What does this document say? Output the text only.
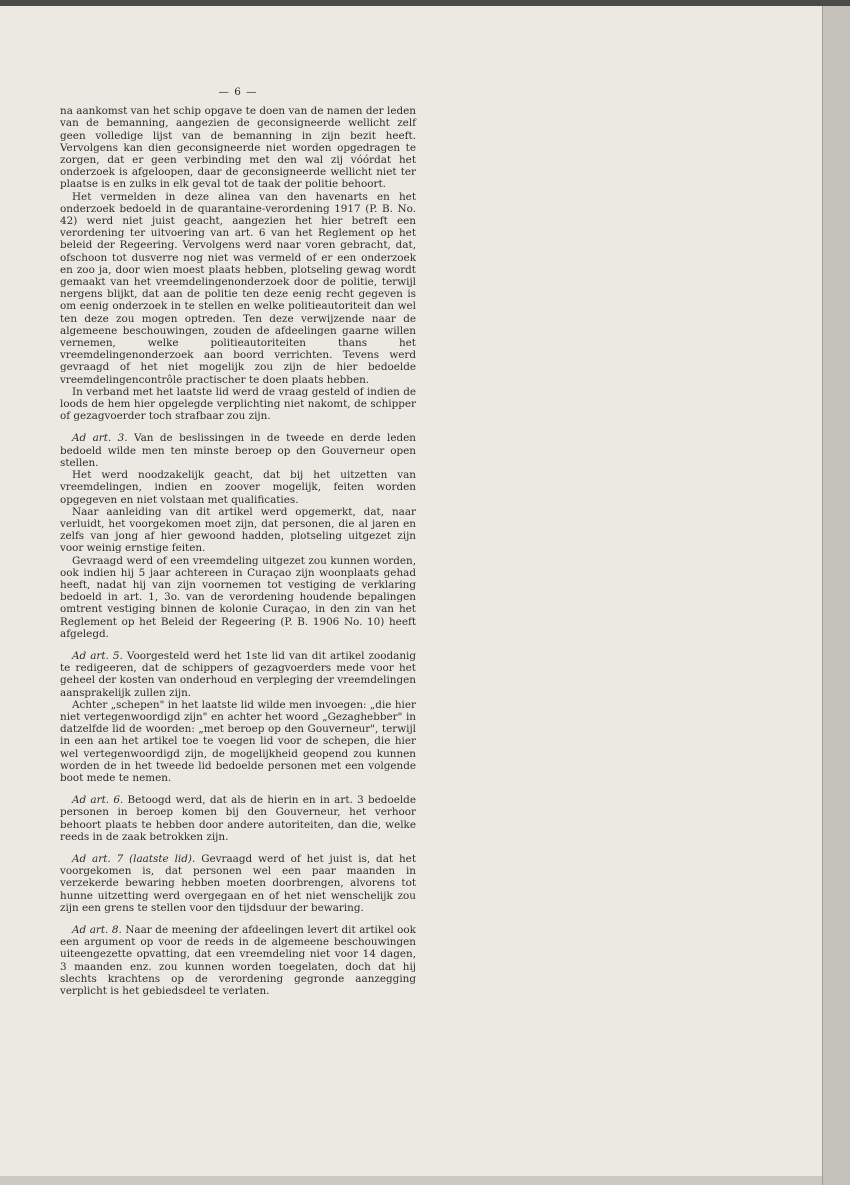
— 6 —

na aankomst van het schip opgave te doen van de namen der leden van de bemanning, aangezien de geconsigneerde wellicht zelf geen volledige lijst van de bemanning in zijn bezit heeft. Vervolgens kan dien geconsigneerde niet worden opgedragen te zorgen, dat er geen verbinding met den wal zij vóórdat het onderzoek is afgeloopen, daar de geconsigneerde wellicht niet ter plaatse is en zulks in elk geval tot de taak der politie behoort.

Het vermelden in deze alinea van den havenarts en het onderzoek bedoeld in de quarantaine-verordening 1917 (P. B. No. 42) werd niet juist geacht, aangezien het hier betreft een verordening ter uitvoering van art. 6 van het Reglement op het beleid der Regeering. Vervolgens werd naar voren gebracht, dat, ofschoon tot dusverre nog niet was vermeld of er een onderzoek en zoo ja, door wien moest plaats hebben, plotseling gewag wordt gemaakt van het vreemdelingenonderzoek door de politie, terwijl nergens blijkt, dat aan de politie ten deze eenig recht gegeven is om eenig onderzoek in te stellen en welke politieautoriteit dan wel ten deze zou mogen optreden. Ten deze verwijzende naar de algemeene beschouwingen, zouden de afdeelingen gaarne willen vernemen, welke politieautoriteiten thans het vreemdelingenonderzoek aan boord verrichten. Tevens werd gevraagd of het niet mogelijk zou zijn de hier bedoelde vreemdelingencontrôle practischer te doen plaats hebben.

In verband met het laatste lid werd de vraag gesteld of indien de loods de hem hier opgelegde verplichting niet nakomt, de schipper of gezagvoerder toch strafbaar zou zijn.

Ad art. 3. Van de beslissingen in de tweede en derde leden bedoeld wilde men ten minste beroep op den Gouverneur open stellen.

Het werd noodzakelijk geacht, dat bij het uitzetten van vreemdelingen, indien en zoover mogelijk, feiten worden opgegeven en niet volstaan met qualificaties.

Naar aanleiding van dit artikel werd opgemerkt, dat, naar verluidt, het voorgekomen moet zijn, dat personen, die al jaren en zelfs van jong af hier gewoond hadden, plotseling uitgezet zijn voor weinig ernstige feiten.

Gevraagd werd of een vreemdeling uitgezet zou kunnen worden, ook indien hij 5 jaar achtereen in Curaçao zijn woonplaats gehad heeft, nadat hij van zijn voornemen tot vestiging de verklaring bedoeld in art. 1, 3o. van de verordening houdende bepalingen omtrent vestiging binnen de kolonie Curaçao, in den zin van het Reglement op het Beleid der Regeering (P. B. 1906 No. 10) heeft afgelegd.

Ad art. 5. Voorgesteld werd het 1ste lid van dit artikel zoodanig te redigeeren, dat de schippers of gezagvoerders mede voor het geheel der kosten van onderhoud en verpleging der vreemdelingen aansprakelijk zullen zijn.

Achter „schepen" in het laatste lid wilde men invoegen: „die hier niet vertegenwoordigd zijn" en achter het woord „Gezaghebber" in datzelfde lid de woorden: „met beroep op den Gouverneur", terwijl in een aan het artikel toe te voegen lid voor de schepen, die hier wel vertegenwoordigd zijn, de mogelijkheid geopend zou kunnen worden de in het tweede lid bedoelde personen met een volgende boot mede te nemen.

Ad art. 6. Betoogd werd, dat als de hierin en in art. 3 bedoelde personen in beroep komen bij den Gouverneur, het verhoor behoort plaats te hebben door andere autoriteiten, dan die, welke reeds in de zaak betrokken zijn.

Ad art. 7 (laatste lid). Gevraagd werd of het juist is, dat het voorgekomen is, dat personen wel een paar maanden in verzekerde bewaring hebben moeten doorbrengen, alvorens tot hunne uitzetting werd overgegaan en of het niet wenschelijk zou zijn een grens te stellen voor den tijdsduur der bewaring.

Ad art. 8. Naar de meening der afdeelingen levert dit artikel ook een argument op voor de reeds in de algemeene beschouwingen uiteengezette opvatting, dat een vreemdeling niet voor 14 dagen, 3 maanden enz. zou kunnen worden toegelaten, doch dat hij slechts krachtens op de verordening gegronde aanzegging verplicht is het gebiedsdeel te verlaten.
